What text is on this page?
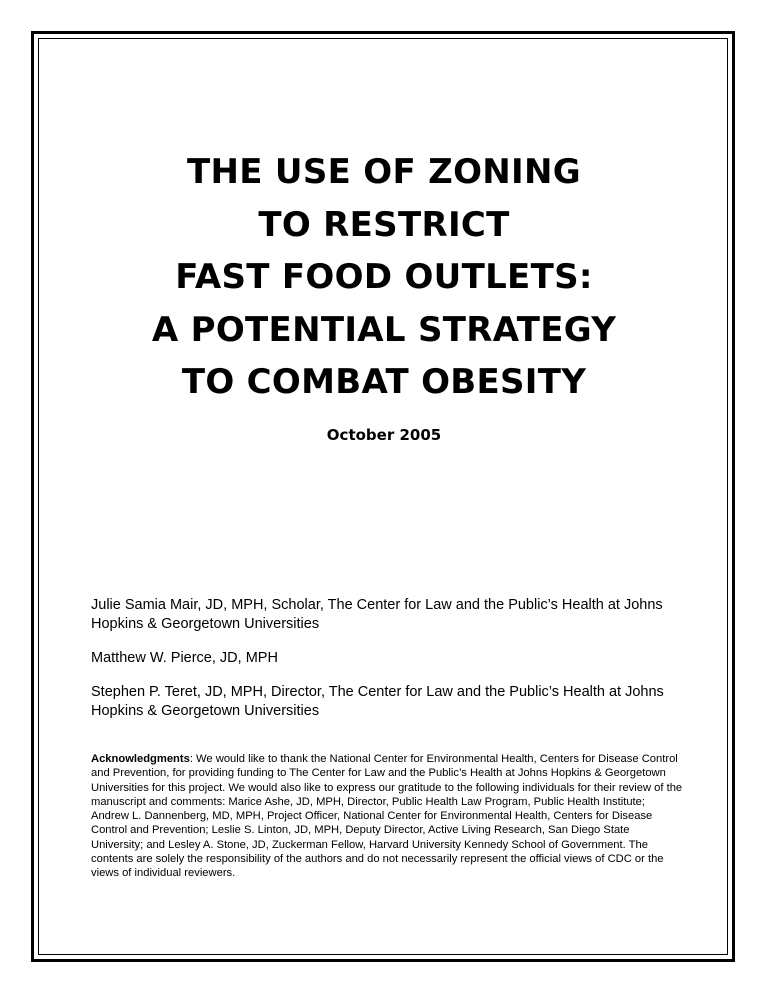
THE USE OF ZONING
TO RESTRICT
FAST FOOD OUTLETS:
A POTENTIAL STRATEGY
TO COMBAT OBESITY
October 2005
Julie Samia Mair, JD, MPH, Scholar, The Center for Law and the Public’s Health at Johns Hopkins & Georgetown Universities
Matthew W. Pierce, JD, MPH
Stephen P. Teret, JD, MPH, Director, The Center for Law and the Public’s Health at Johns Hopkins & Georgetown Universities
Acknowledgments: We would like to thank the National Center for Environmental Health, Centers for Disease Control and Prevention, for providing funding to The Center for Law and the Public’s Health at Johns Hopkins & Georgetown Universities for this project. We would also like to express our gratitude to the following individuals for their review of the manuscript and comments: Marice Ashe, JD, MPH, Director, Public Health Law Program, Public Health Institute; Andrew L. Dannenberg, MD, MPH, Project Officer, National Center for Environmental Health, Centers for Disease Control and Prevention; Leslie S. Linton, JD, MPH, Deputy Director, Active Living Research, San Diego State University; and Lesley A. Stone, JD, Zuckerman Fellow, Harvard University Kennedy School of Government. The contents are solely the responsibility of the authors and do not necessarily represent the official views of CDC or the views of individual reviewers.
